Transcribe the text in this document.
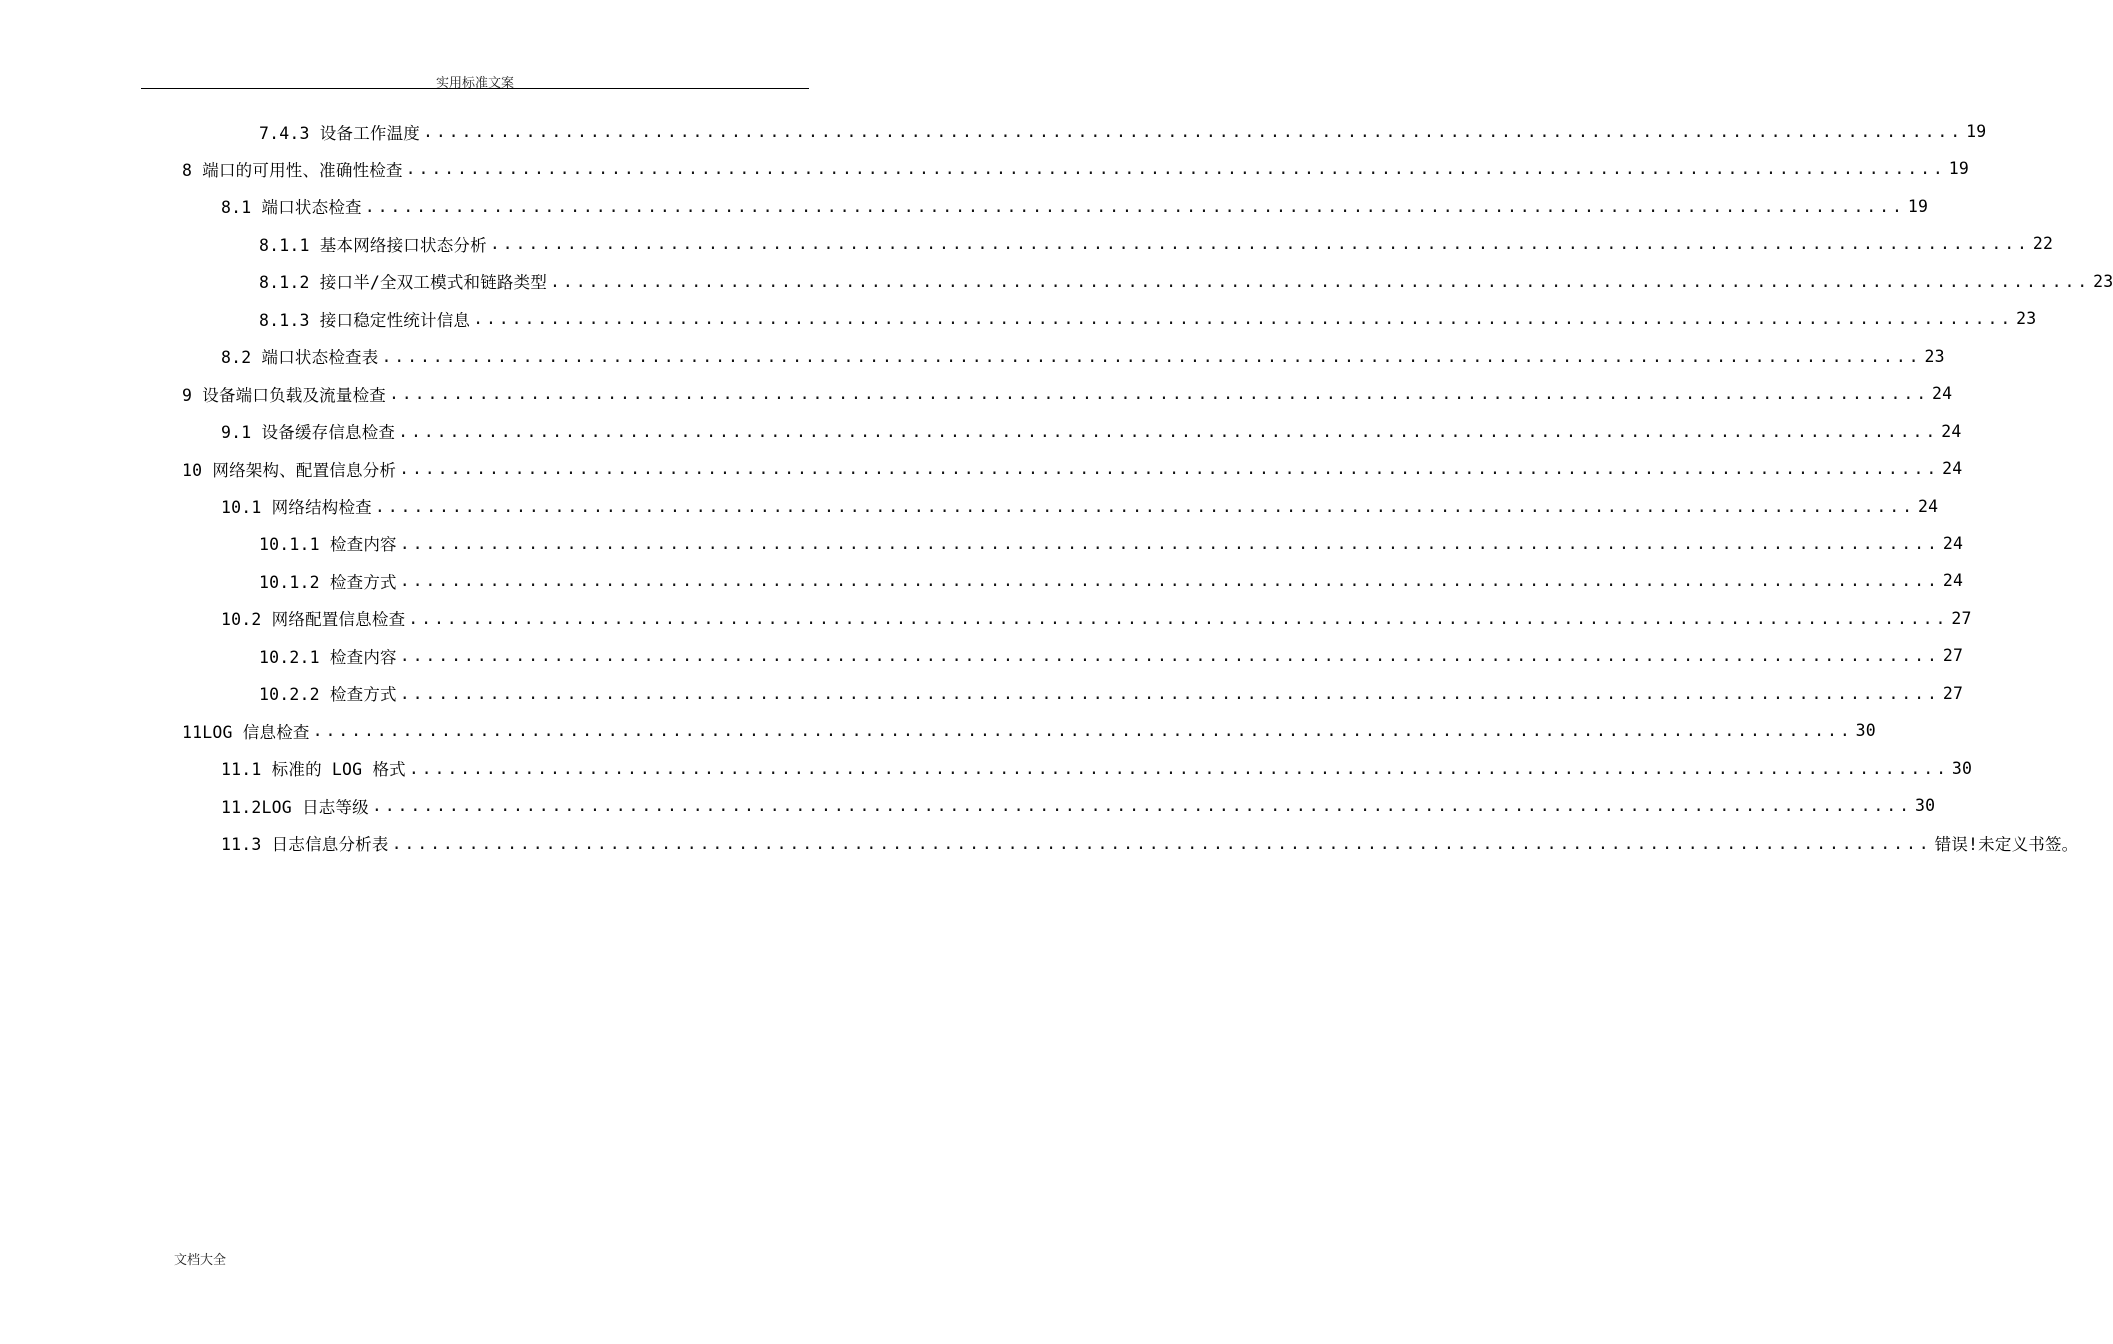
实用标准文案
7.4.3 设备工作温度 ........................................................................................................................ 19
8 端口的可用性、准确性检查 ........................................................................................................................ 19
8.1 端口状态检查 ........................................................................................................................ 19
8.1.1 基本网络接口状态分析 ........................................................................................................................ 22
8.1.2 接口半/全双工模式和链路类型 ........................................................................................................................ 23
8.1.3 接口稳定性统计信息 ........................................................................................................................ 23
8.2 端口状态检查表 ........................................................................................................................ 23
9 设备端口负载及流量检查 ........................................................................................................................ 24
9.1 设备缓存信息检查 ........................................................................................................................ 24
10 网络架构、配置信息分析 ........................................................................................................................ 24
10.1 网络结构检查 ........................................................................................................................ 24
10.1.1 检查内容 ........................................................................................................................ 24
10.1.2 检查方式 ........................................................................................................................ 24
10.2 网络配置信息检查 ........................................................................................................................ 27
10.2.1 检查内容 ........................................................................................................................ 27
10.2.2 检查方式 ........................................................................................................................ 27
11LOG 信息检查 ........................................................................................................................ 30
11.1 标准的 LOG 格式 ........................................................................................................................ 30
11.2LOG 日志等级 ........................................................................................................................ 30
11.3 日志信息分析表 ........................................................................................................................ 错误!未定义书签。
文档大全
